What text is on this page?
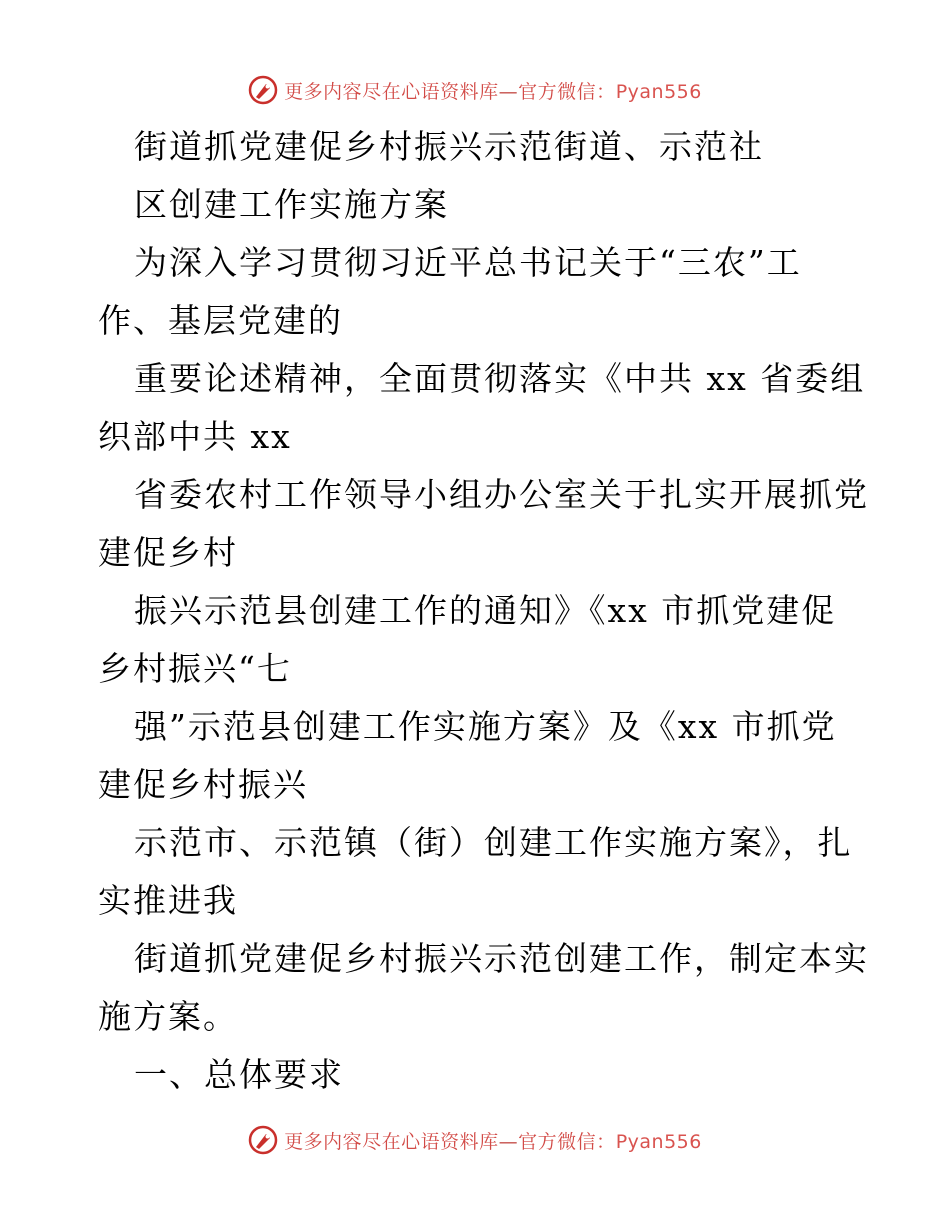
更多内容尽在心语资料库—官方微信：Pyan556
街道抓党建促乡村振兴示范街道、示范社
区创建工作实施方案
为深入学习贯彻习近平总书记关于“三农”工
作、基层党建的
重要论述精神，全面贯彻落实《中共 xx 省委组
织部中共 xx
省委农村工作领导小组办公室关于扎实开展抓党
建促乡村
振兴示范县创建工作的通知》《xx 市抓党建促
乡村振兴“七
强”示范县创建工作实施方案》及《xx 市抓党
建促乡村振兴
示范市、示范镇（街）创建工作实施方案》，扎
实推进我
街道抓党建促乡村振兴示范创建工作，制定本实
施方案。
一、总体要求
更多内容尽在心语资料库—官方微信：Pyan556
